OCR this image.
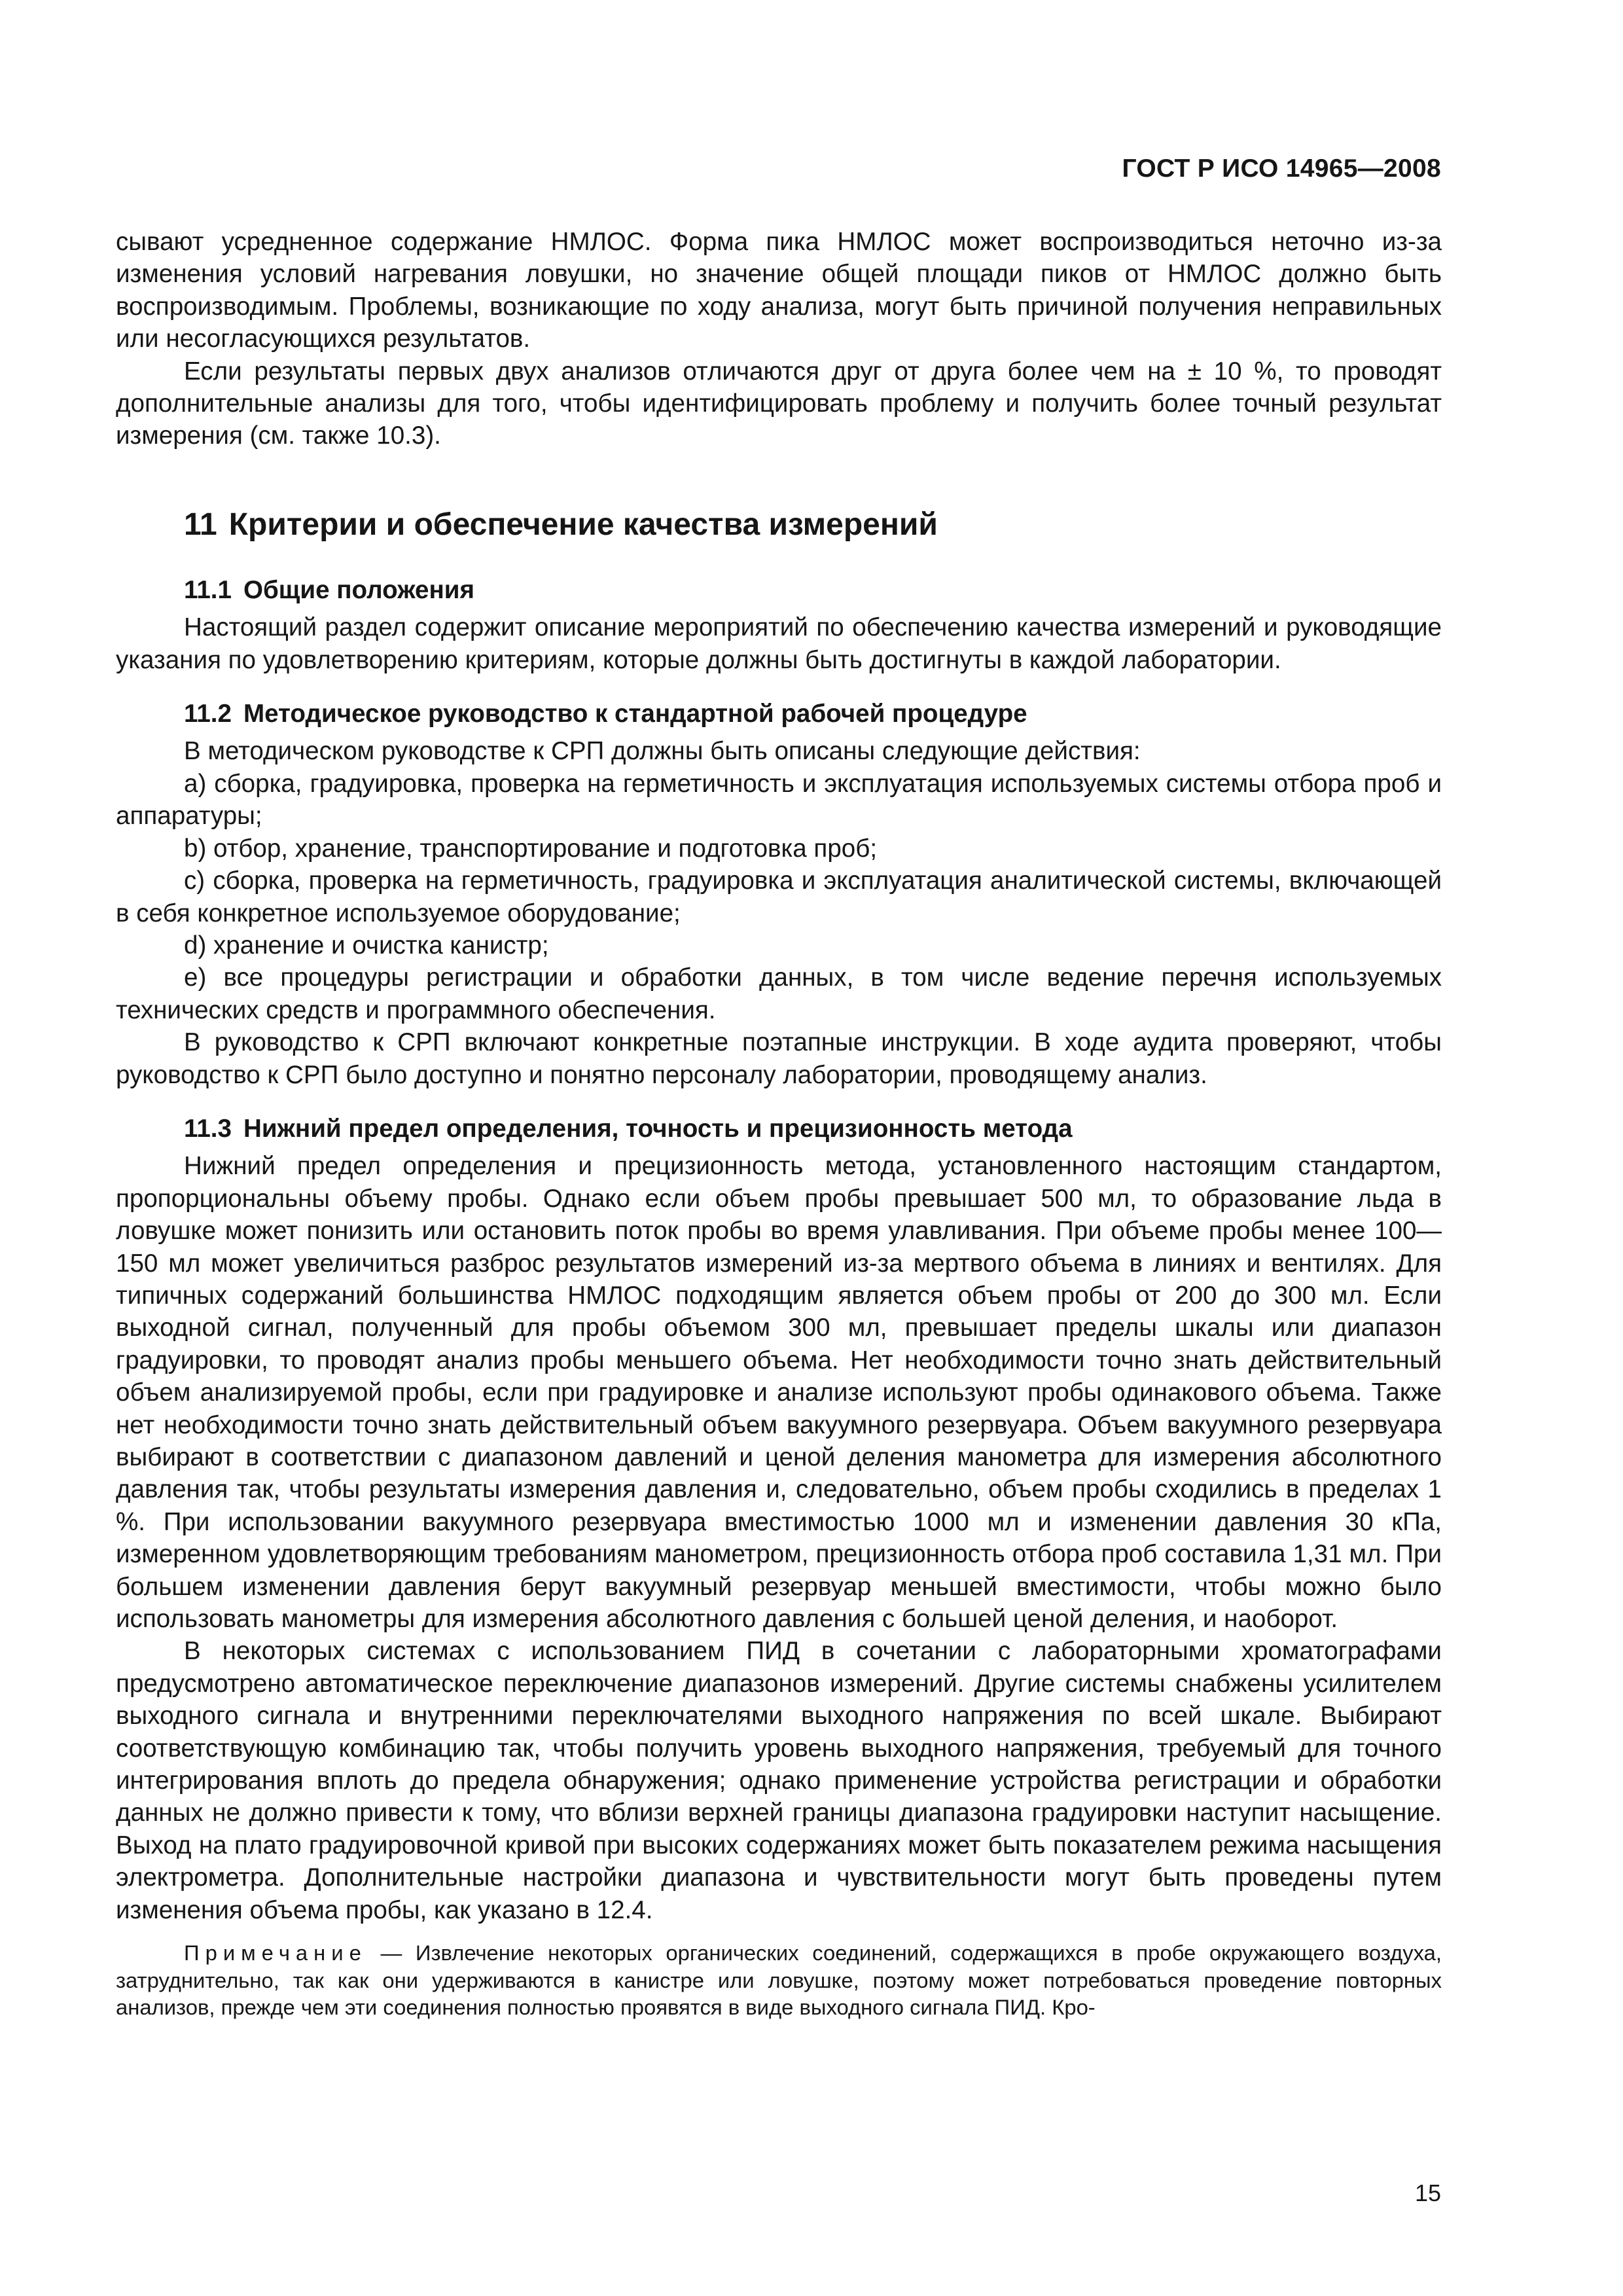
ГОСТ Р ИСО 14965—2008

сывают усредненное содержание НМЛОС. Форма пика НМЛОС может воспроизводиться неточно из-за изменения условий нагревания ловушки, но значение общей площади пиков от НМЛОС должно быть воспроизводимым. Проблемы, возникающие по ходу анализа, могут быть причиной получения неправильных или несогласующихся результатов.

Если результаты первых двух анализов отличаются друг от друга более чем на ± 10 %, то проводят дополнительные анализы для того, чтобы идентифицировать проблему и получить более точный результат измерения (см. также 10.3).

11 Критерии и обеспечение качества измерений
11.1 Общие положения

Настоящий раздел содержит описание мероприятий по обеспечению качества измерений и руководящие указания по удовлетворению критериям, которые должны быть достигнуты в каждой лаборатории.

11.2 Методическое руководство к стандартной рабочей процедуре

В методическом руководстве к СРП должны быть описаны следующие действия:

a) сборка, градуировка, проверка на герметичность и эксплуатация используемых системы отбора проб и аппаратуры;

b) отбор, хранение, транспортирование и подготовка проб;

c) сборка, проверка на герметичность, градуировка и эксплуатация аналитической системы, включающей в себя конкретное используемое оборудование;

d) хранение и очистка канистр;

e) все процедуры регистрации и обработки данных, в том числе ведение перечня используемых технических средств и программного обеспечения.

В руководство к СРП включают конкретные поэтапные инструкции. В ходе аудита проверяют, чтобы руководство к СРП было доступно и понятно персоналу лаборатории, проводящему анализ.

11.3 Нижний предел определения, точность и прецизионность метода

Нижний предел определения и прецизионность метода, установленного настоящим стандартом, пропорциональны объему пробы. Однако если объем пробы превышает 500 мл, то образование льда в ловушке может понизить или остановить поток пробы во время улавливания. При объеме пробы менее 100—150 мл может увеличиться разброс результатов измерений из-за мертвого объема в линиях и вентилях. Для типичных содержаний большинства НМЛОС подходящим является объем пробы от 200 до 300 мл. Если выходной сигнал, полученный для пробы объемом 300 мл, превышает пределы шкалы или диапазон градуировки, то проводят анализ пробы меньшего объема. Нет необходимости точно знать действительный объем анализируемой пробы, если при градуировке и анализе используют пробы одинакового объема. Также нет необходимости точно знать действительный объем вакуумного резервуара. Объем вакуумного резервуара выбирают в соответствии с диапазоном давлений и ценой деления манометра для измерения абсолютного давления так, чтобы результаты измерения давления и, следовательно, объем пробы сходились в пределах 1 %. При использовании вакуумного резервуара вместимостью 1000 мл и изменении давления 30 кПа, измеренном удовлетворяющим требованиям манометром, прецизионность отбора проб составила 1,31 мл. При большем изменении давления берут вакуумный резервуар меньшей вместимости, чтобы можно было использовать манометры для измерения абсолютного давления с большей ценой деления, и наоборот.

В некоторых системах с использованием ПИД в сочетании с лабораторными хроматографами предусмотрено автоматическое переключение диапазонов измерений. Другие системы снабжены усилителем выходного сигнала и внутренними переключателями выходного напряжения по всей шкале. Выбирают соответствующую комбинацию так, чтобы получить уровень выходного напряжения, требуемый для точного интегрирования вплоть до предела обнаружения; однако применение устройства регистрации и обработки данных не должно привести к тому, что вблизи верхней границы диапазона градуировки наступит насыщение. Выход на плато градуировочной кривой при высоких содержаниях может быть показателем режима насыщения электрометра. Дополнительные настройки диапазона и чувствительности могут быть проведены путем изменения объема пробы, как указано в 12.4.

Примечание — Извлечение некоторых органических соединений, содержащихся в пробе окружающего воздуха, затруднительно, так как они удерживаются в канистре или ловушке, поэтому может потребоваться проведение повторных анализов, прежде чем эти соединения полностью проявятся в виде выходного сигнала ПИД. Кро-
15
